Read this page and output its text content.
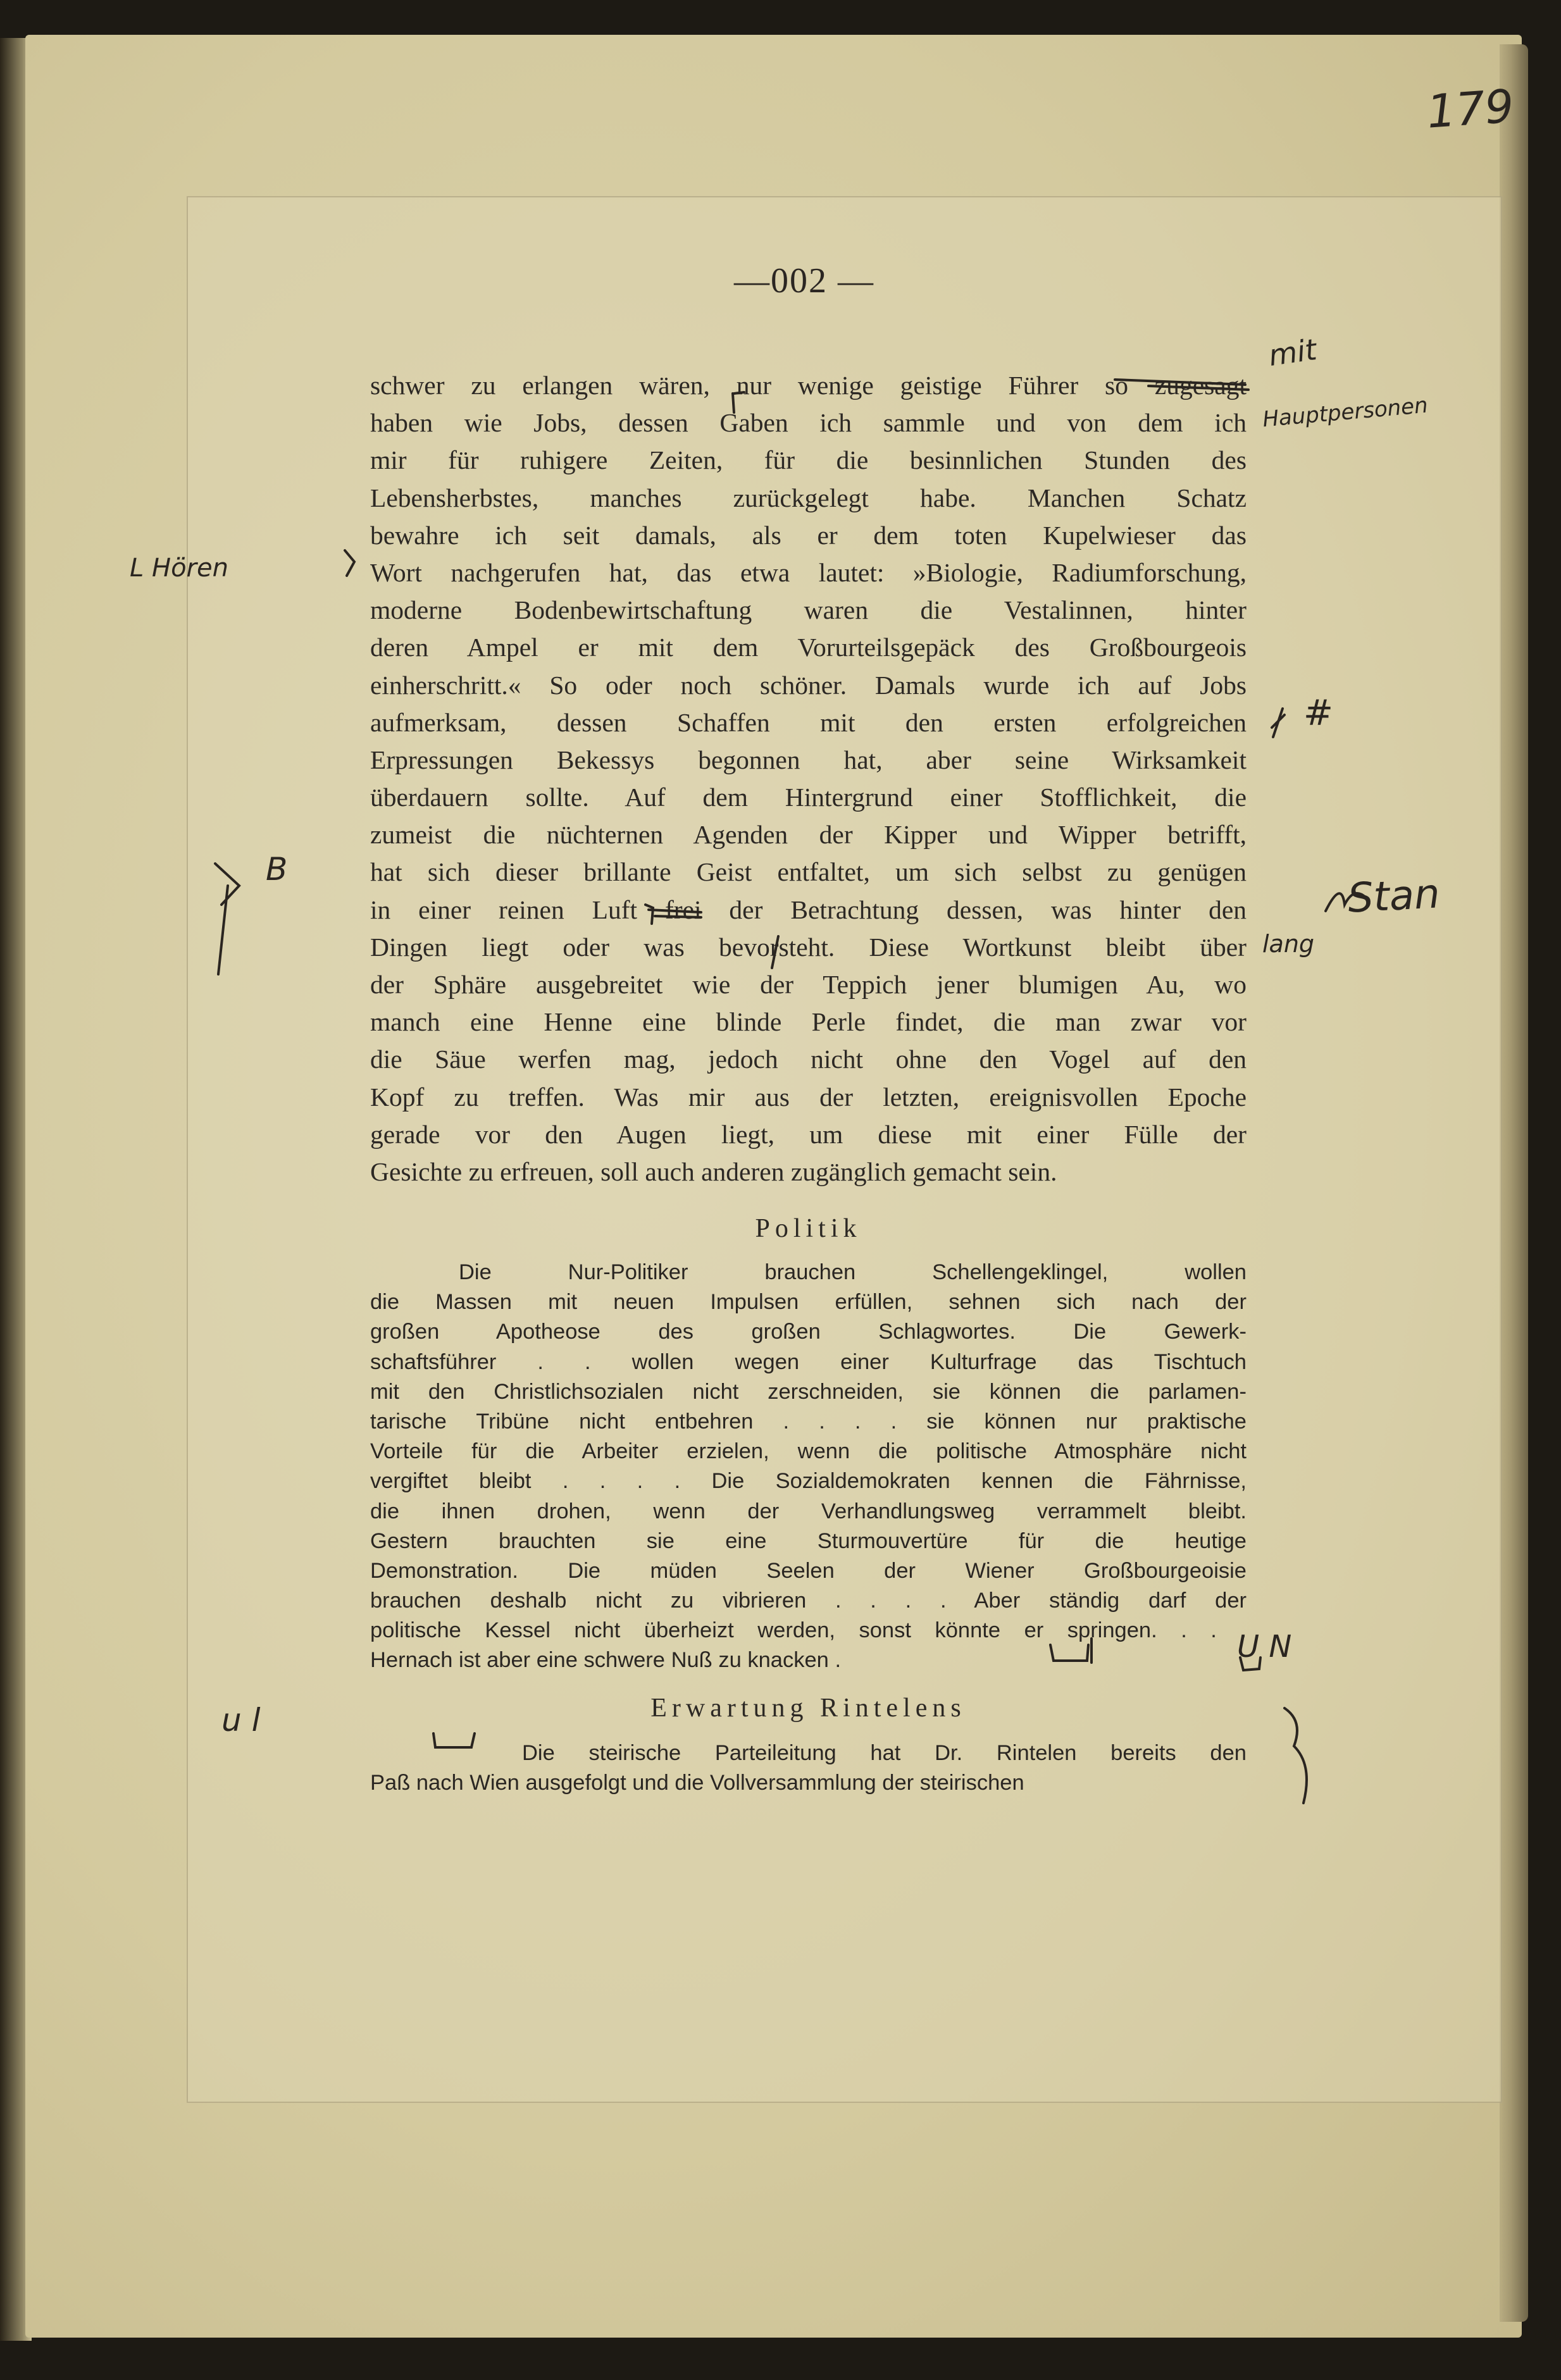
179
—002 —
schwer zu erlangen wären, nur wenige geistige Führer so zugesagt
haben wie Jobs, dessen Gaben ich sammle und von dem ich
mir für ruhigere Zeiten, für die besinnlichen Stunden des
Lebensherbstes, manches zurückgelegt habe. Manchen Schatz
bewahre ich seit damals, als er dem toten Kupelwieser das
Wort nachgerufen hat, das etwa lautet: »Biologie, Radiumforschung,
moderne Bodenbewirtschaftung waren die Vestalinnen, hinter
deren Ampel er mit dem Vorurteilsgepäck des Großbourgeois
einherschritt.« So oder noch schöner. Damals wurde ich auf Jobs
aufmerksam, dessen Schaffen mit den ersten erfolgreichen
Erpressungen Bekessys begonnen hat, aber seine Wirksamkeit
überdauern sollte. Auf dem Hintergrund einer Stofflichkeit, die
zumeist die nüchternen Agenden der Kipper und Wipper betrifft,
hat sich dieser brillante Geist entfaltet, um sich selbst zu genügen
in einer reinen Luft frei der Betrachtung dessen, was hinter den
Dingen liegt oder was bevorsteht. Diese Wortkunst bleibt über
der Sphäre ausgebreitet wie der Teppich jener blumigen Au, wo
manch eine Henne eine blinde Perle findet, die man zwar vor
die Säue werfen mag, jedoch nicht ohne den Vogel auf den
Kopf zu treffen. Was mir aus der letzten, ereignisvollen Epoche
gerade vor den Augen liegt, um diese mit einer Fülle der
Gesichte zu erfreuen, soll auch anderen zugänglich gemacht sein.
Politik
Die Nur-Politiker brauchen Schellengeklingel, wollen
die Massen mit neuen Impulsen erfüllen, sehnen sich nach der
großen Apotheose des großen Schlagwortes. Die Gewerk-
schaftsführer . . wollen wegen einer Kulturfrage das Tischtuch
mit den Christlichsozialen nicht zerschneiden, sie können die parlamen-
tarische Tribüne nicht entbehren . . . . sie können nur praktische
Vorteile für die Arbeiter erzielen, wenn die politische Atmosphäre nicht
vergiftet bleibt . . . . Die Sozialdemokraten kennen die Fährnisse,
die ihnen drohen, wenn der Verhandlungsweg verrammelt bleibt.
Gestern brauchten sie eine Sturmouvertüre für die heutige
Demonstration. Die müden Seelen der Wiener Großbourgeoisie
brauchen deshalb nicht zu vibrieren . . . . Aber ständig darf der
politische Kessel nicht überheizt werden, sonst könnte er springen. . . .
Hernach ist aber eine schwere Nuß zu knacken .
Erwartung Rintelens
Die steirische Parteileitung hat Dr. Rintelen bereits den
Paß nach Wien ausgefolgt und die Vollversammlung der steirischen
mit
Hauptpersonen
L Hören
#
B
lang
Stan
u l
U N
